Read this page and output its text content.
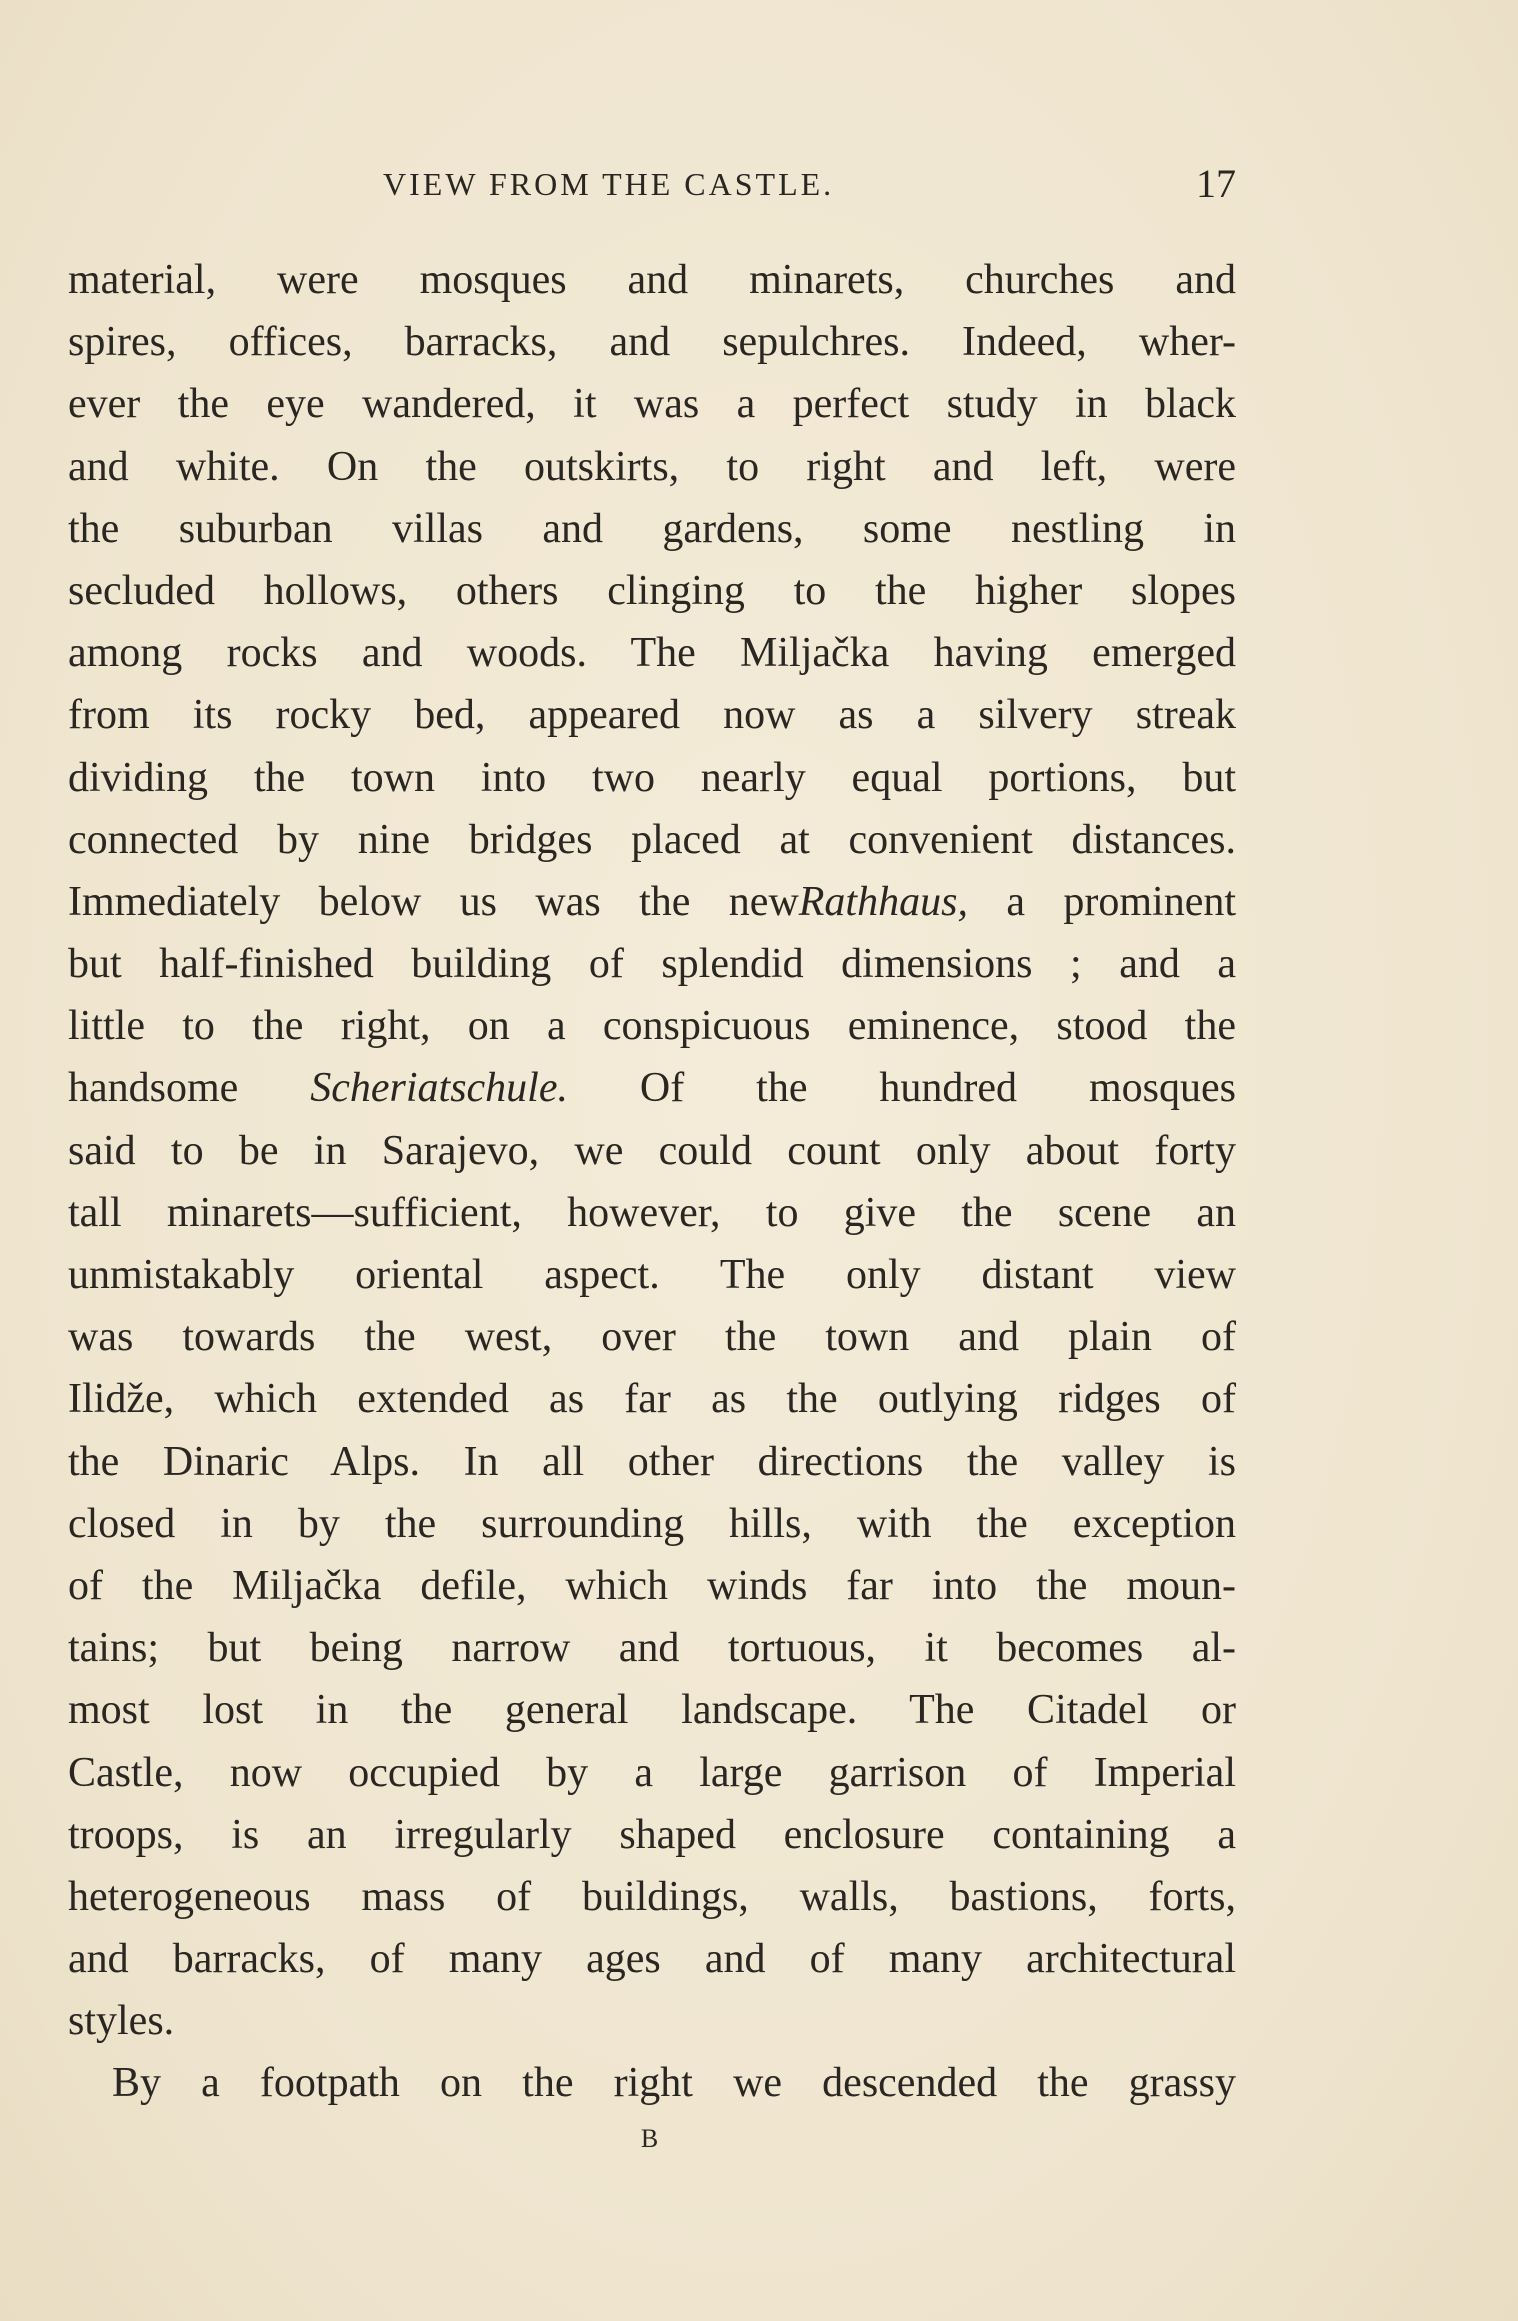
VIEW FROM THE CASTLE.	17
material, were mosques and minarets, churches and
spires, offices, barracks, and sepulchres. Indeed, wher-
ever the eye wandered, it was a perfect study in black
and white. On the outskirts, to right and left, were
the suburban villas and gardens, some nestling in
secluded hollows, others clinging to the higher slopes
among rocks and woods. The Miljačka having emerged
from its rocky bed, appeared now as a silvery streak
dividing the town into two nearly equal portions, but
connected by nine bridges placed at convenient distances.
Immediately below us was the newRathhaus, a prominent
but half-finished building of splendid dimensions ; and a
little to the right, on a conspicuous eminence, stood the
handsome Scheriatschule. Of the hundred mosques
said to be in Sarajevo, we could count only about forty
tall minarets—sufficient, however, to give the scene an
unmistakably oriental aspect. The only distant view
was towards the west, over the town and plain of
Ilidže, which extended as far as the outlying ridges of
the Dinaric Alps. In all other directions the valley is
closed in by the surrounding hills, with the exception
of the Miljačka defile, which winds far into the moun-
tains; but being narrow and tortuous, it becomes al-
most lost in the general landscape. The Citadel or
Castle, now occupied by a large garrison of Imperial
troops, is an irregularly shaped enclosure containing a
heterogeneous mass of buildings, walls, bastions, forts,
and barracks, of many ages and of many architectural
styles.
By a footpath on the right we descended the grassy
B
